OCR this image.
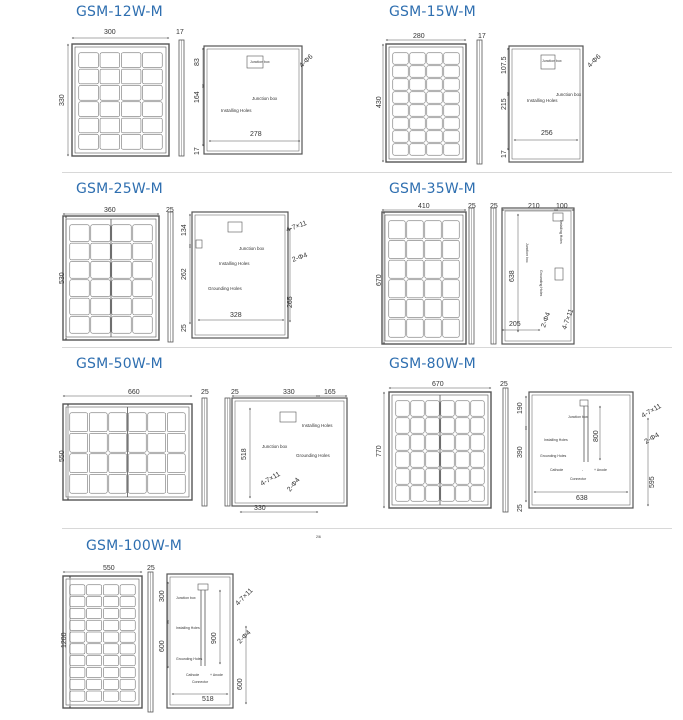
GSM-12W-M	GSM-15W-M
GSM-25W-M	GSM-35W-M
GSM-50W-M	GSM-80W-M
GSM-100W-M
300	17
330
83
164
17
278
4-Φ6
Junction box
Junction box
Installing Holes
280	17
430
107.5
215
17
256
4-Φ6
Junction box
Junction box
Installing Holes
360	25
530
134
262
25
265
328
4-7×11
2-Φ4
Junction box
Installing Holes
Grounding Holes
410	25 25
670
210 100
638
205	4-7×11
2-Φ4
Junction box
Installing Holes
Grounding Holes
660	25	25
550
330	165
518
330
4-7×11 2-Φ4
Junction box
Installing Holes
Grounding Holes
670	25
770
190
390
25
800
595
638
4-7×11
2-Φ4
Junction box
Installing Holes
Grounding Holes
Cathode	-	+ Anode
Connector
550	25
1200
300
600
900
600
518
4-7×11
2-Φ4
Junction box
Installing Holes
Grounding Holes
Cathode	+ Anode
Connector
2/6
